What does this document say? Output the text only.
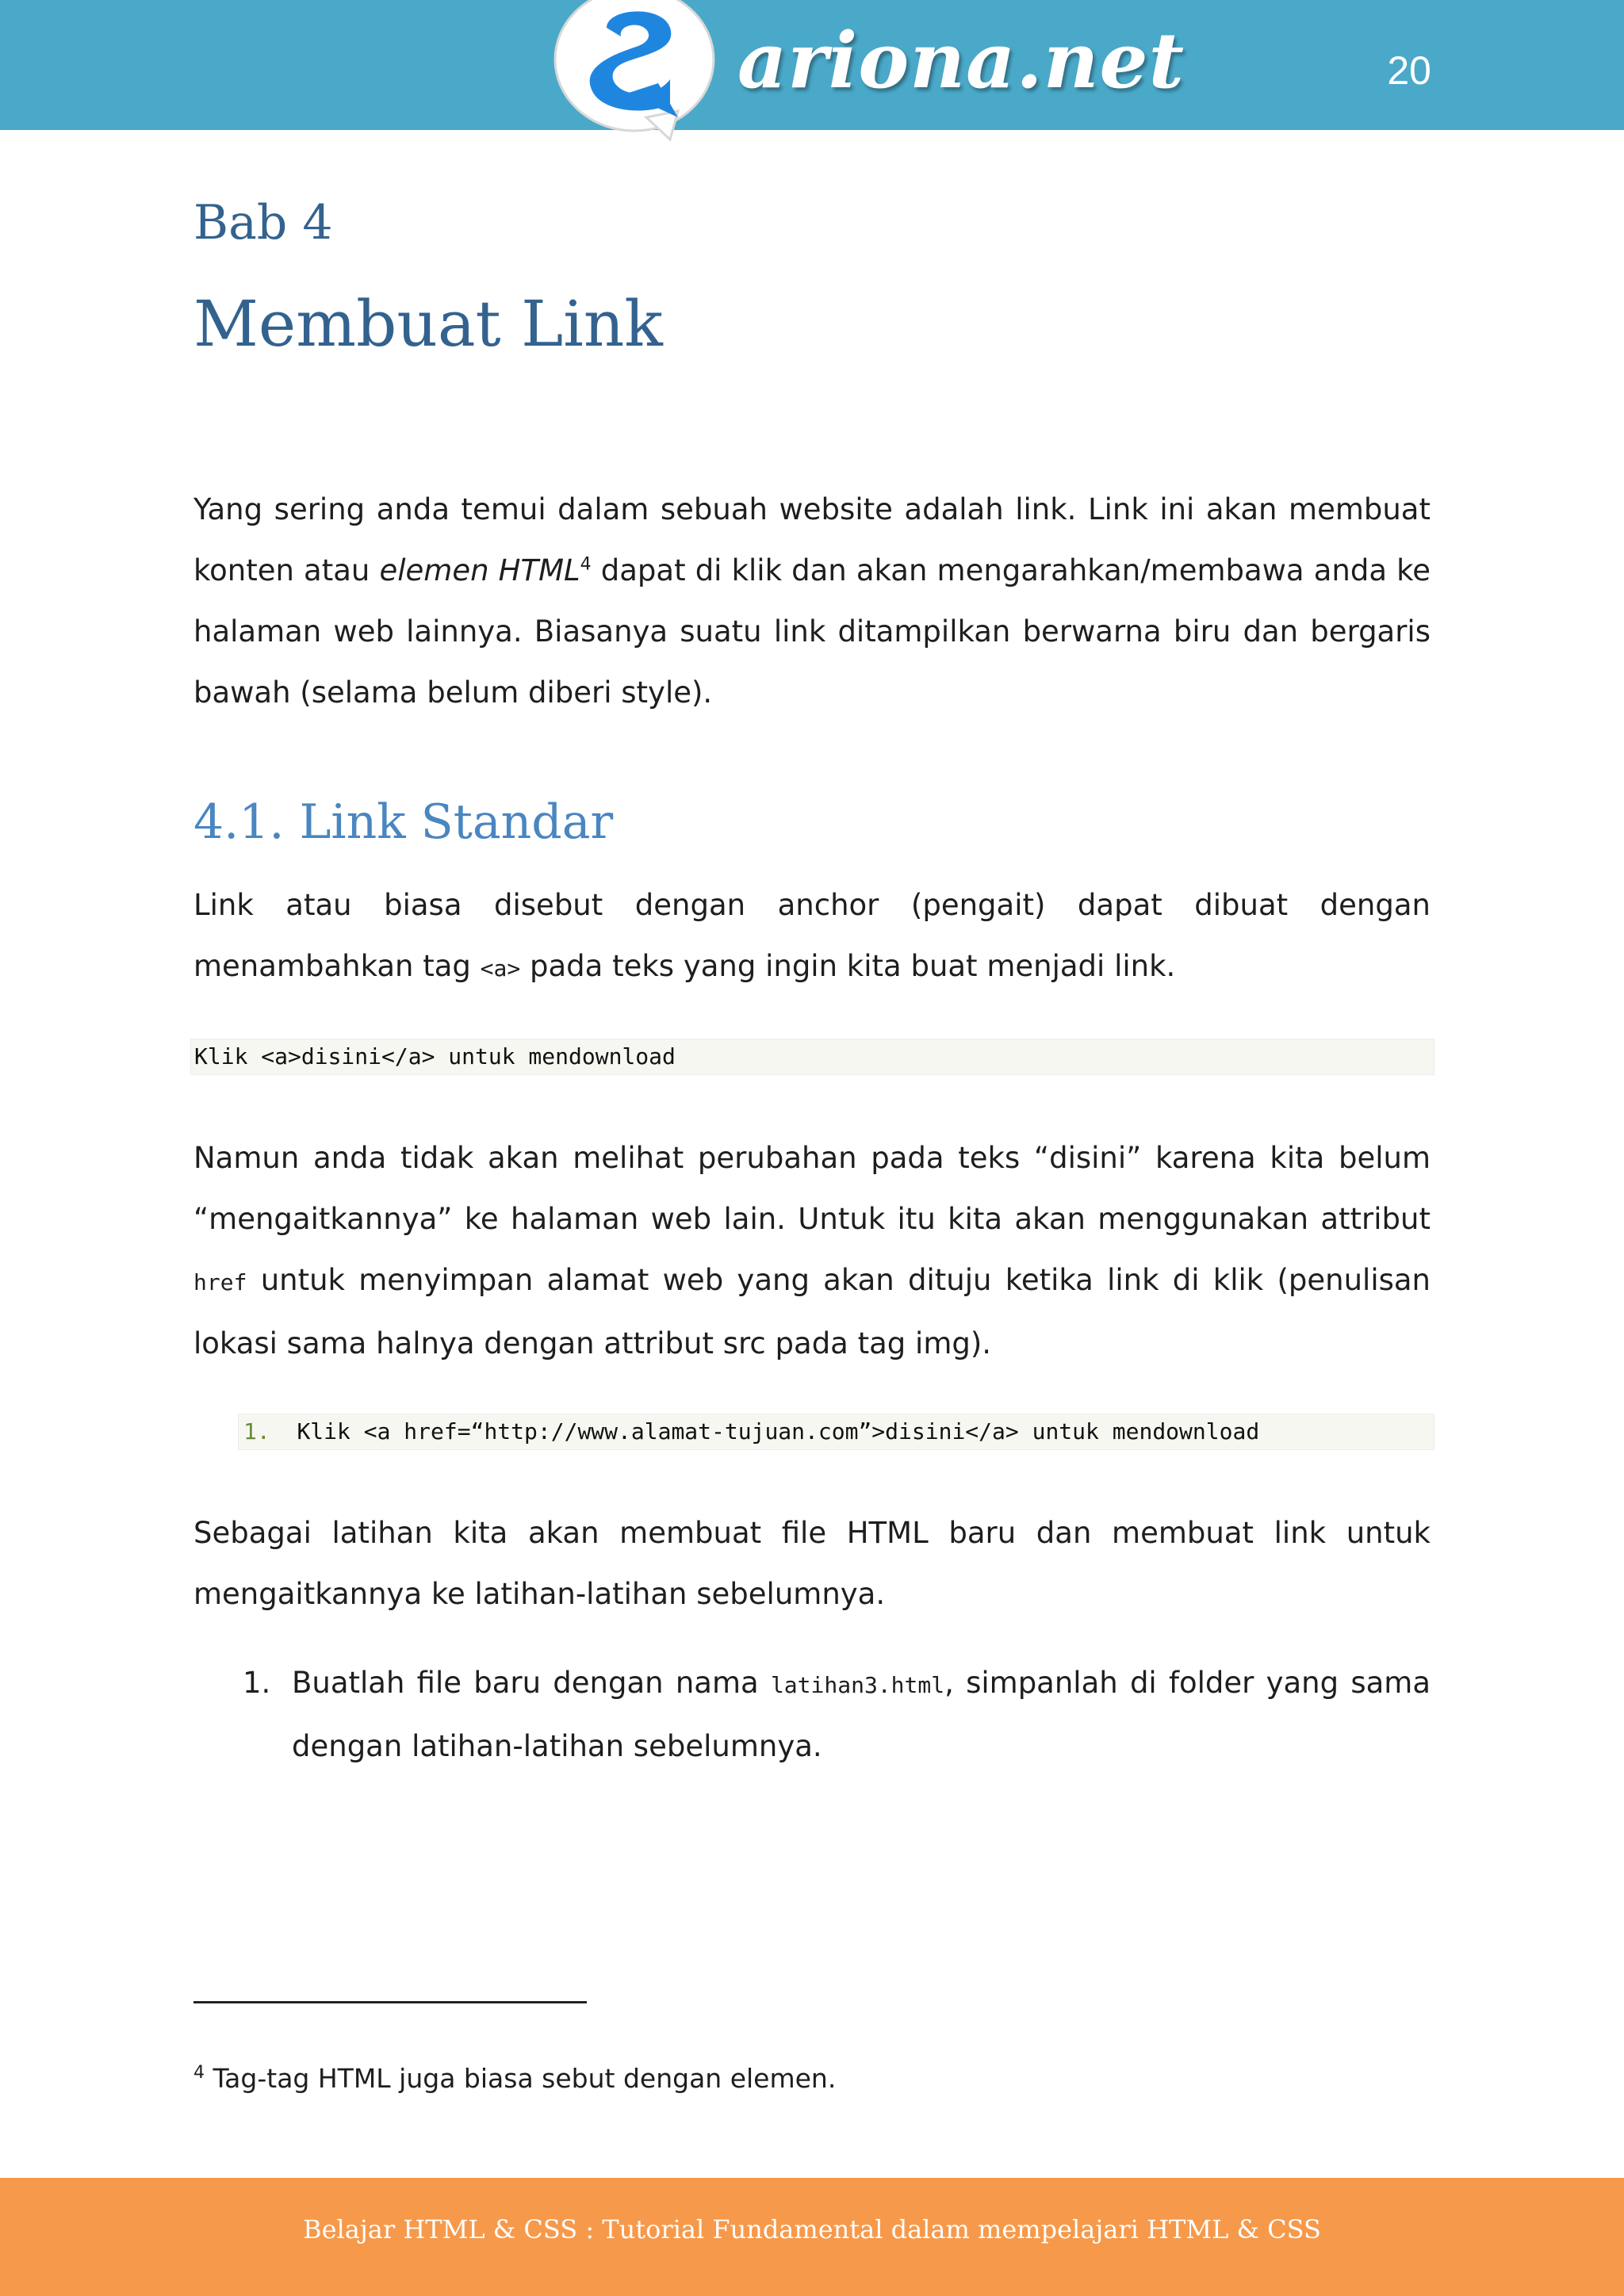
ariona.net	20
Bab 4
Membuat Link
Yang sering anda temui dalam sebuah website adalah link. Link ini akan membuat konten atau elemen HTML$^4$ dapat di klik dan akan mengarahkan/membawa anda ke halaman web lainnya. Biasanya suatu link ditampilkan berwarna biru dan bergaris bawah (selama belum diberi style).
4.1. Link Standar
Link atau biasa disebut dengan anchor (pengait) dapat dibuat dengan menambahkan tag <a> pada teks yang ingin kita buat menjadi link.
Klik <a>disini</a> untuk mendownload
Namun anda tidak akan melihat perubahan pada teks “disini” karena kita belum “mengaitkannya” ke halaman web lain. Untuk itu kita akan menggunakan attribut href untuk menyimpan alamat web yang akan dituju ketika link di klik (penulisan lokasi sama halnya dengan attribut src pada tag img).
1. Klik <a href=“http://www.alamat-tujuan.com”>disini</a> untuk mendownload
Sebagai latihan kita akan membuat file HTML baru dan membuat link untuk mengaitkannya ke latihan-latihan sebelumnya.
1. Buatlah file baru dengan nama latihan3.html, simpanlah di folder yang sama dengan latihan-latihan sebelumnya.
$^4$ Tag-tag HTML juga biasa sebut dengan elemen.
Belajar HTML & CSS : Tutorial Fundamental dalam mempelajari HTML & CSS
